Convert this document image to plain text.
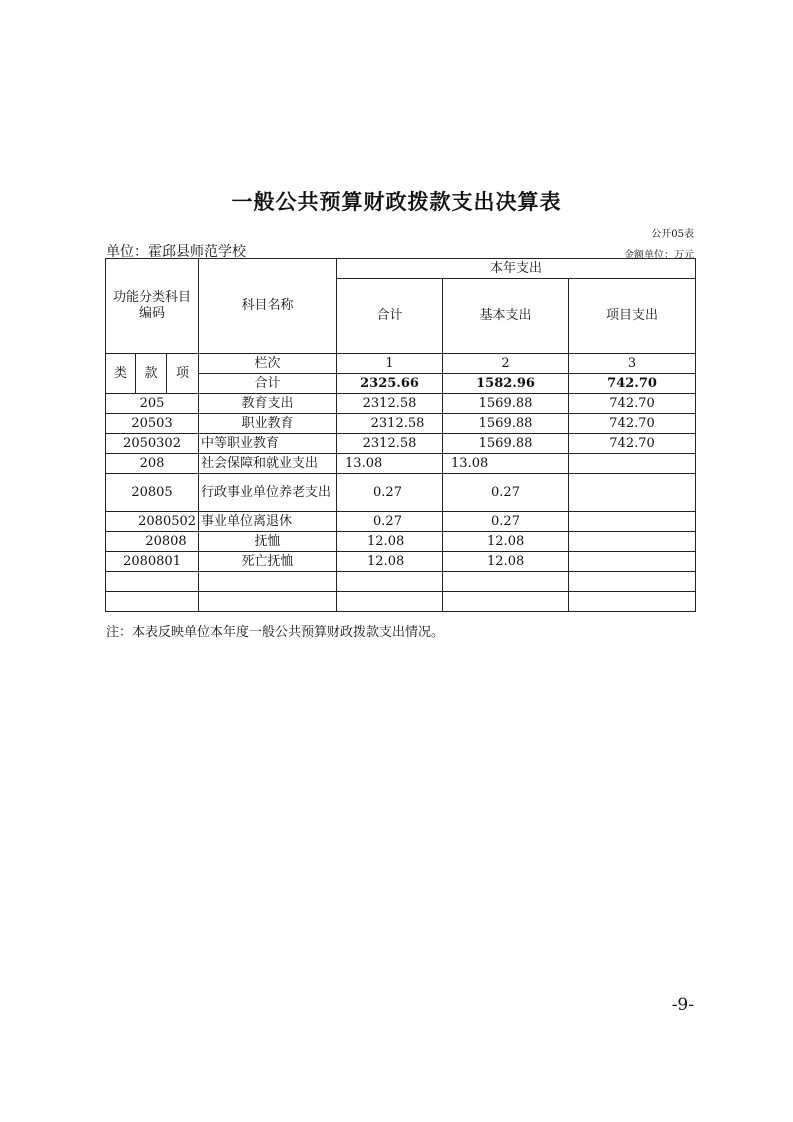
一般公共预算财政拨款支出决算表
公开05表
单位：霍邱县师范学校	金额单位：万元
功能分类科目编码			科目名称	本年支出		
				合计	基本支出	项目支出

类	款	项	栏次	1	2	3
			合计	2325.66	1582.96	742.70
205			教育支出	2312.58	1569.88	742.70
20503			职业教育	2312.58	1569.88	742.70
2050302			中等职业教育	2312.58	1569.88	742.70
208			社会保障和就业支出	13.08	13.08	
20805			行政事业单位养老支出	0.27	0.27	
2080502			事业单位离退休	0.27	0.27	
20808			抚恤	12.08	12.08	
2080801			死亡抚恤	12.08	12.08	

注：本表反映单位本年度一般公共预算财政拨款支出情况。
-9-
